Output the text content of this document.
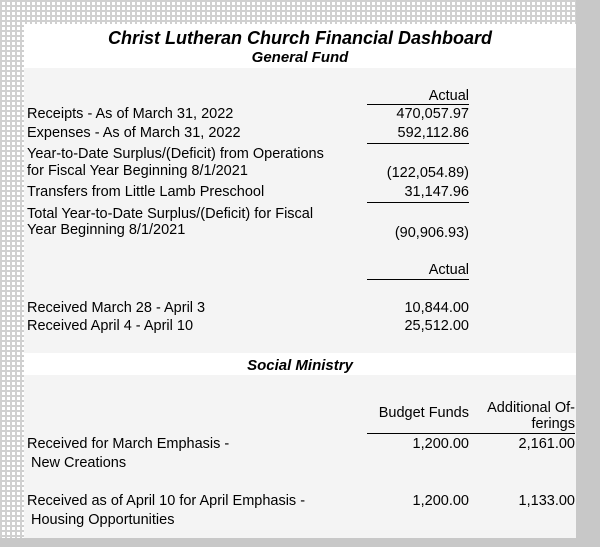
Christ Lutheran Church Financial Dashboard
General Fund
Actual
Receipts - As of March 31, 2022	470,057.97
Expenses - As of March 31, 2022	592,112.86
Year-to-Date Surplus/(Deficit) from Operations
for Fiscal Year Beginning 8/1/2021	(122,054.89)
Transfers from Little Lamb Preschool	31,147.96
Total Year-to-Date Surplus/(Deficit) for Fiscal
Year Beginning 8/1/2021	(90,906.93)
Actual
Received March 28 - April 3	10,844.00
Received April 4 - April 10	25,512.00
Social Ministry
Budget Funds	Additional Of-
ferings
Received for March Emphasis -
New Creations
1,200.00	2,161.00
Received as of April 10 for April Emphasis -
Housing Opportunities
1,200.00	1,133.00
